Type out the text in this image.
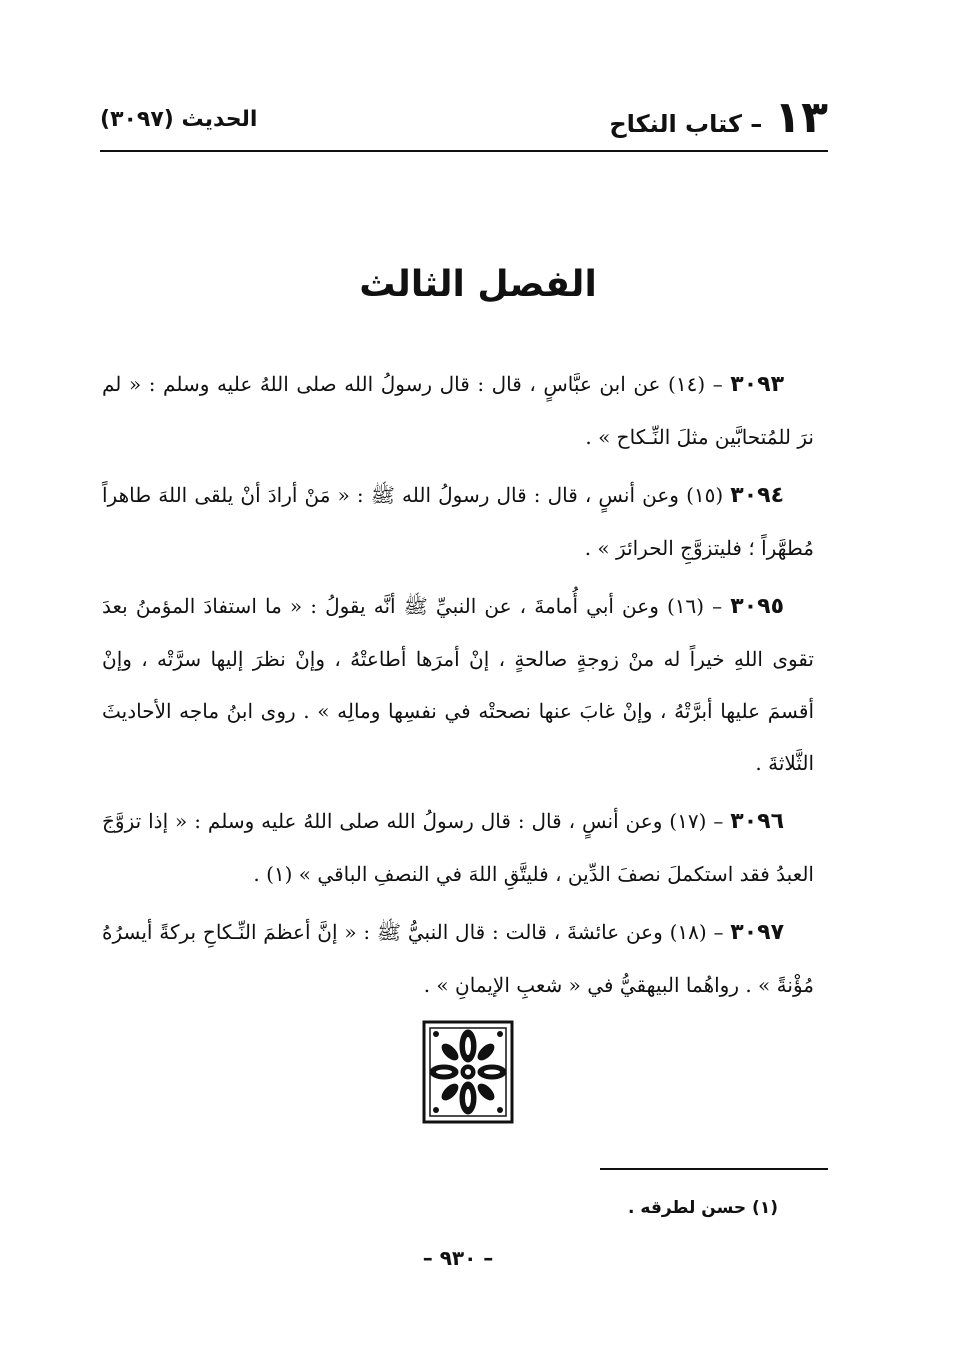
١٣
– كتاب النكاح
الحديث (٣٠٩٧)
الفصل الثالث

٣٠٩٣ – (١٤) عن ابن عبَّاسٍ ، قال : قال رسولُ الله صلى اللهُ عليه وسلم : « لم نرَ للمُتحابَّين مثلَ النِّـكاح » .

٣٠٩٤ (١٥) وعن أنسٍ ، قال : قال رسولُ الله ﷺ : « مَنْ أرادَ أنْ يلقى اللهَ طاهراً مُطهَّراً ؛ فليتزوَّجِ الحرائرَ » .

٣٠٩٥ – (١٦) وعن أبي أُمامةَ ، عن النبيِّ ﷺ أنَّه يقولُ : « ما استفادَ المؤمنُ بعدَ تقوى اللهِ خيراً له منْ زوجةٍ صالحةٍ ، إنْ أمرَها أطاعتْهُ ، وإنْ نظرَ إليها سرَّتْه ، وإنْ أقسمَ عليها أبرَّتْهُ ، وإنْ غابَ عنها نصحتْه في نفسِها ومالِه » . روى ابنُ ماجه الأحاديثَ الثَّلاثةَ .

٣٠٩٦ – (١٧) وعن أنسٍ ، قال : قال رسولُ الله صلى اللهُ عليه وسلم : « إذا تزوَّجَ العبدُ فقد استكملَ نصفَ الدِّين ، فليتَّقِ اللهَ في النصفِ الباقي » (١) .

٣٠٩٧ – (١٨) وعن عائشةَ ، قالت : قال النبيُّ ﷺ : « إنَّ أعظمَ النِّـكاحِ بركةً أيسرُهُ مُؤْنةً » . رواهُما البيهقيُّ في « شعبِ الإيمانِ » .

(١) حسن لطرقه .
– ٩٣٠ –
